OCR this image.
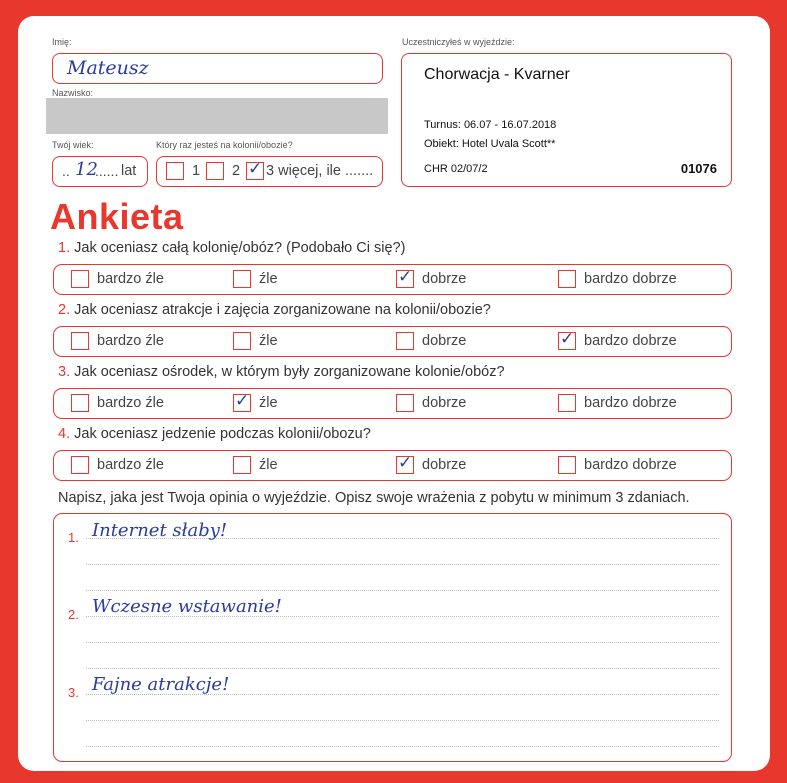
Imię:
Mateusz
Nazwisko:
Twój wiek:
.. 12
...... lat
Który raz jesteś na kolonii/obozie?
1 2 ✓ 3 więcej, ile .......
Uczestniczyłeś w wyjeździe:
Chorwacja - Kvarner
Turnus: 06.07 - 16.07.2018
Obiekt: Hotel Uvala Scott**
CHR 02/07/2	01076
Ankieta
1. Jak oceniasz całą kolonię/obóz? (Podobało Ci się?)
bardzo źle	źle	✓ dobrze	bardzo dobrze
2. Jak oceniasz atrakcje i zajęcia zorganizowane na kolonii/obozie?
bardzo źle	źle	dobrze	✓ bardzo dobrze
3. Jak oceniasz ośrodek, w którym były zorganizowane kolonie/obóz?
bardzo źle	✓ źle	dobrze	bardzo dobrze
4. Jak oceniasz jedzenie podczas kolonii/obozu?
bardzo źle	źle	✓ dobrze	bardzo dobrze
Napisz, jaka jest Twoja opinia o wyjeździe. Opisz swoje wrażenia z pobytu w minimum 3 zdaniach.
1. Internet słaby!
2. Wczesne wstawanie!
3. Fajne atrakcje!
